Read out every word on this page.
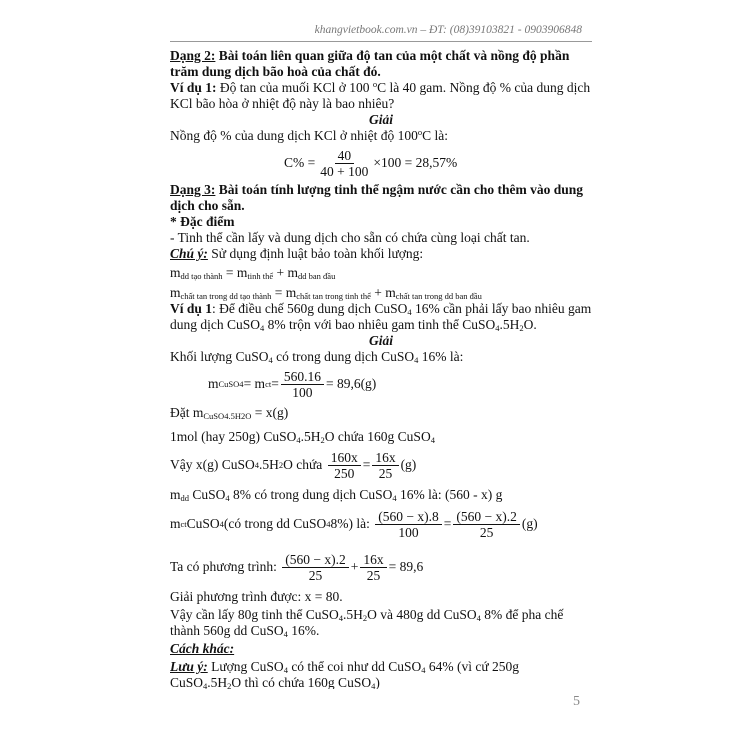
khangvietbook.com.vn – ĐT: (08)39103821 - 0903906848

Dạng 2: Bài toán liên quan giữa độ tan của một chất và nồng độ phần trăm dung dịch bão hoà của chất đó.

Ví dụ 1: Độ tan của muối KCl ở 100 $^o$C là 40 gam. Nồng độ % của dung dịch KCl bão hòa ở nhiệt độ này là bao nhiêu?

Giải

Nồng độ % của dung dịch KCl ở nhiệt độ 100$^o$C là:

$C\% = \frac{40}{40 + 100} \times 100 = 28,57\%$

Dạng 3: Bài toán tính lượng tinh thể ngậm nước cần cho thêm vào dung dịch cho sẵn.

* Đặc điểm

- Tinh thể cần lấy và dung dịch cho sẵn có chứa cùng loại chất tan.

Chú ý: Sử dụng định luật bảo toàn khối lượng:

$m_{dd tạo thành} = m_{tinh thể} + m_{dd ban đầu}$

$m_{chất tan trong dd tạo thành} = m_{chất tan trong tinh thể} + m_{chất tan trong dd ban đầu}$

Ví dụ 1: Để điều chế 560g dung dịch CuSO$_4$ 16% cần phải lấy bao nhiêu gam dung dịch CuSO$_4$ 8% trộn với bao nhiêu gam tinh thể $CuSO_4.5H_2O$.

Giải

Khối lượng CuSO$_4$ có trong dung dịch CuSO$_4$ 16% là:

m CuSO4 = m ct = $\frac{560.16}{100} = 89,6(g)$

Đặt $m_{CuSO4.5H2O} = x(g)$

1mol (hay 250g) $CuSO_4.5H_2O$ chứa 160g CuSO$_4$

Vậy x(g) CuSO 4 .5H 2 O chứa
$\frac{160x}{250} = \frac{16x}{25} (g)$

$m_{dd}$ CuSO$_4$ 8% có trong dung dịch CuSO$_4$ 16% là: (560 - x) g

m ct CuSO 4 (có trong dd CuSO 4 8%) là:
$\frac{(560 - x).8}{100} = \frac{(560 - x).2}{25} (g)$
Ta có phương trình:
$\frac{(560 - x).2}{25} + \frac{16x}{25} = 89,6$

Giải phương trình được: x = 80.

Vậy cần lấy 80g tinh thể $CuSO_4.5H_2O$ và 480g dd CuSO$_4$ 8% để pha chế thành 560g dd CuSO$_4$ 16%.

Cách khác:

Lưu ý: Lượng CuSO$_4$ có thể coi như dd CuSO$_4$ 64% (vì cứ 250g $CuSO_4.5H_2O$ thì có chứa 160g CuSO$_4$)

5
